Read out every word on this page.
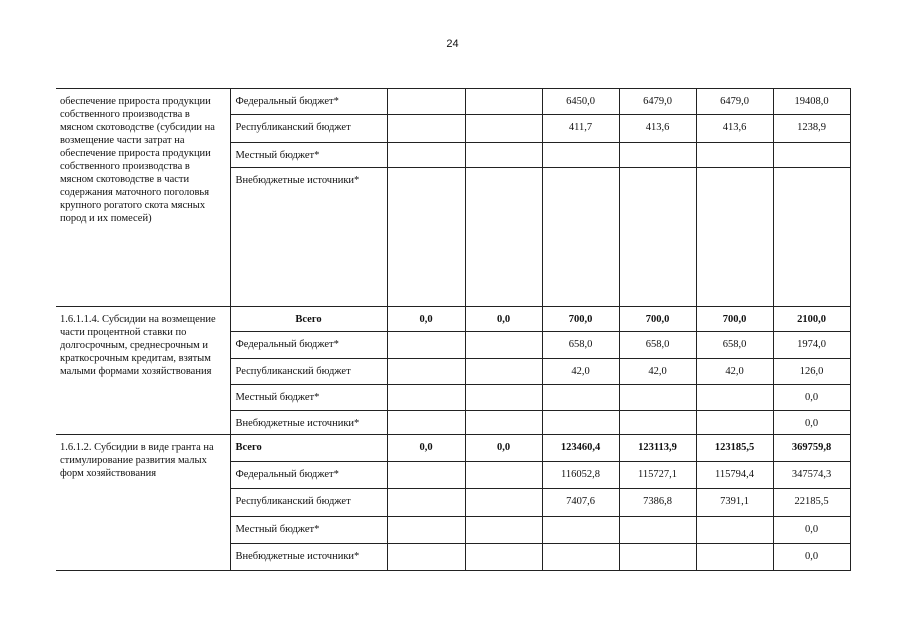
24
обеспечение прироста продукции собственного производства в мясном скотоводстве (субсидии на возмещение части затрат на обеспечение прироста продукции собственного производства в мясном скотоводстве в части содержания маточного поголовья крупного рогатого скота мясных пород и их помесей)	Федеральный бюджет*			6450,0	6479,0	6479,0	19408,0
	Республиканский бюджет			411,7	413,6	413,6	1238,9
	Местный бюджет*						
	Внебюджетные источники*						
1.6.1.1.4. Субсидии на возмещение части процентной ставки по долгосрочным, среднесрочным и краткосрочным кредитам, взятым малыми формами хозяйствования	Всего	0,0	0,0	700,0	700,0	700,0	2100,0
	Федеральный бюджет*			658,0	658,0	658,0	1974,0
	Республиканский бюджет			42,0	42,0	42,0	126,0
	Местный бюджет*						0,0
	Внебюджетные источники*						0,0
1.6.1.2. Субсидии в виде гранта на стимулирование развития малых форм хозяйствования	Всего	0,0	0,0	123460,4	123113,9	123185,5	369759,8
	Федеральный бюджет*			116052,8	115727,1	115794,4	347574,3
	Республиканский бюджет			7407,6	7386,8	7391,1	22185,5
	Местный бюджет*						0,0
	Внебюджетные источники*						0,0
